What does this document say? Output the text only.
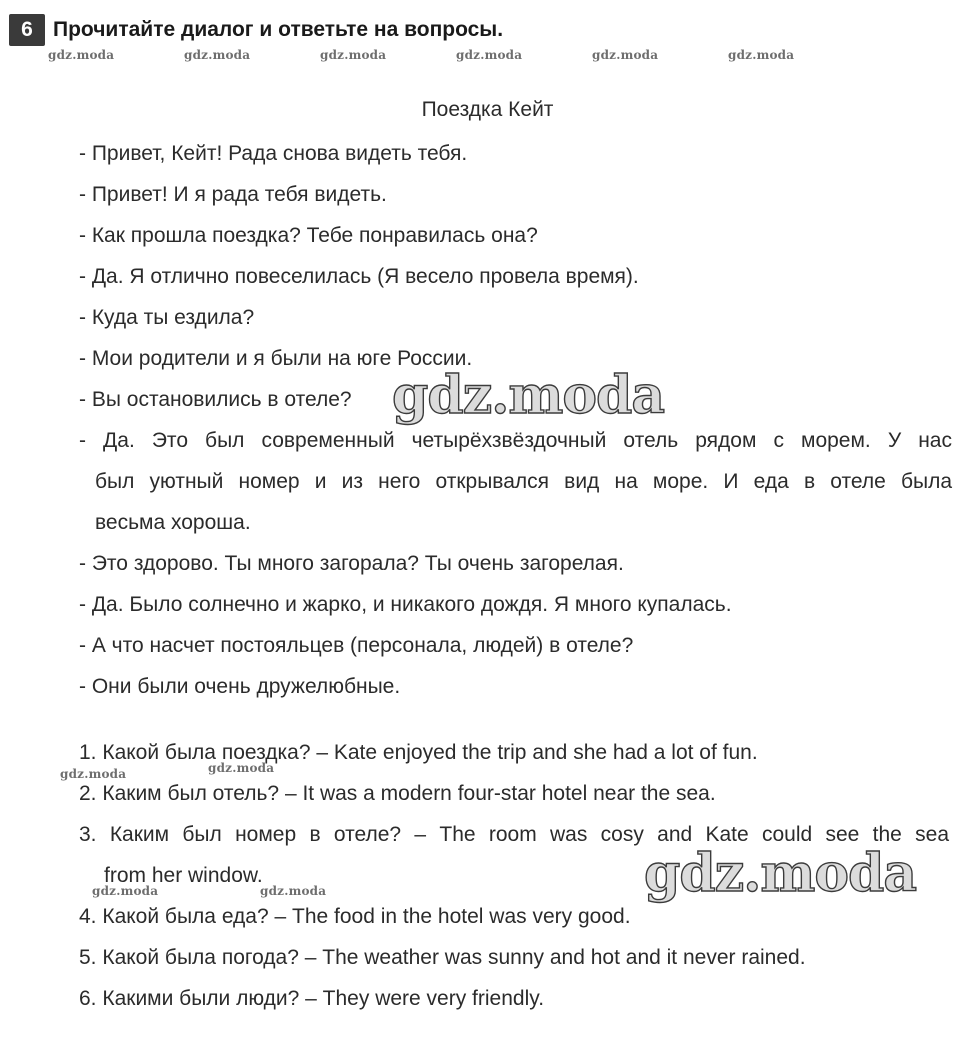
6 Прочитайте диалог и ответьте на вопросы.
gdz.moda	gdz.moda	gdz.moda	gdz.moda	gdz.moda	gdz.moda
Поездка Кейт
- Привет, Кейт! Рада снова видеть тебя.
- Привет! И я рада тебя видеть.
- Как прошла поездка? Тебе понравилась она?
- Да. Я отлично повеселилась (Я весело провела время).
- Куда ты ездила?
- Мои родители и я были на юге России.
- Вы остановились в отеле?
- Да. Это был современный четырёхзвёздочный отель рядом с морем. У нас
был уютный номер и из него открывался вид на море. И еда в отеле была
весьма хороша.
- Это здорово. Ты много загорала? Ты очень загорелая.
- Да. Было солнечно и жарко, и никакого дождя. Я много купалась.
- А что насчет постояльцев (персонала, людей) в отеле?
- Они были очень дружелюбные.
1. Какой была поездка? – Kate enjoyed the trip and she had a lot of fun.
2. Каким был отель? – It was a modern four-star hotel near the sea.
3. Каким был номер в отеле? – The room was cosy and Kate could see the sea
from her window.
4. Какой была еда? – The food in the hotel was very good.
5. Какой была погода? – The weather was sunny and hot and it never rained.
6. Какими были люди? – They were very friendly.
gdz.moda	gdz.moda
gdz.moda	gdz.moda
gdz.moda
gdz.moda
